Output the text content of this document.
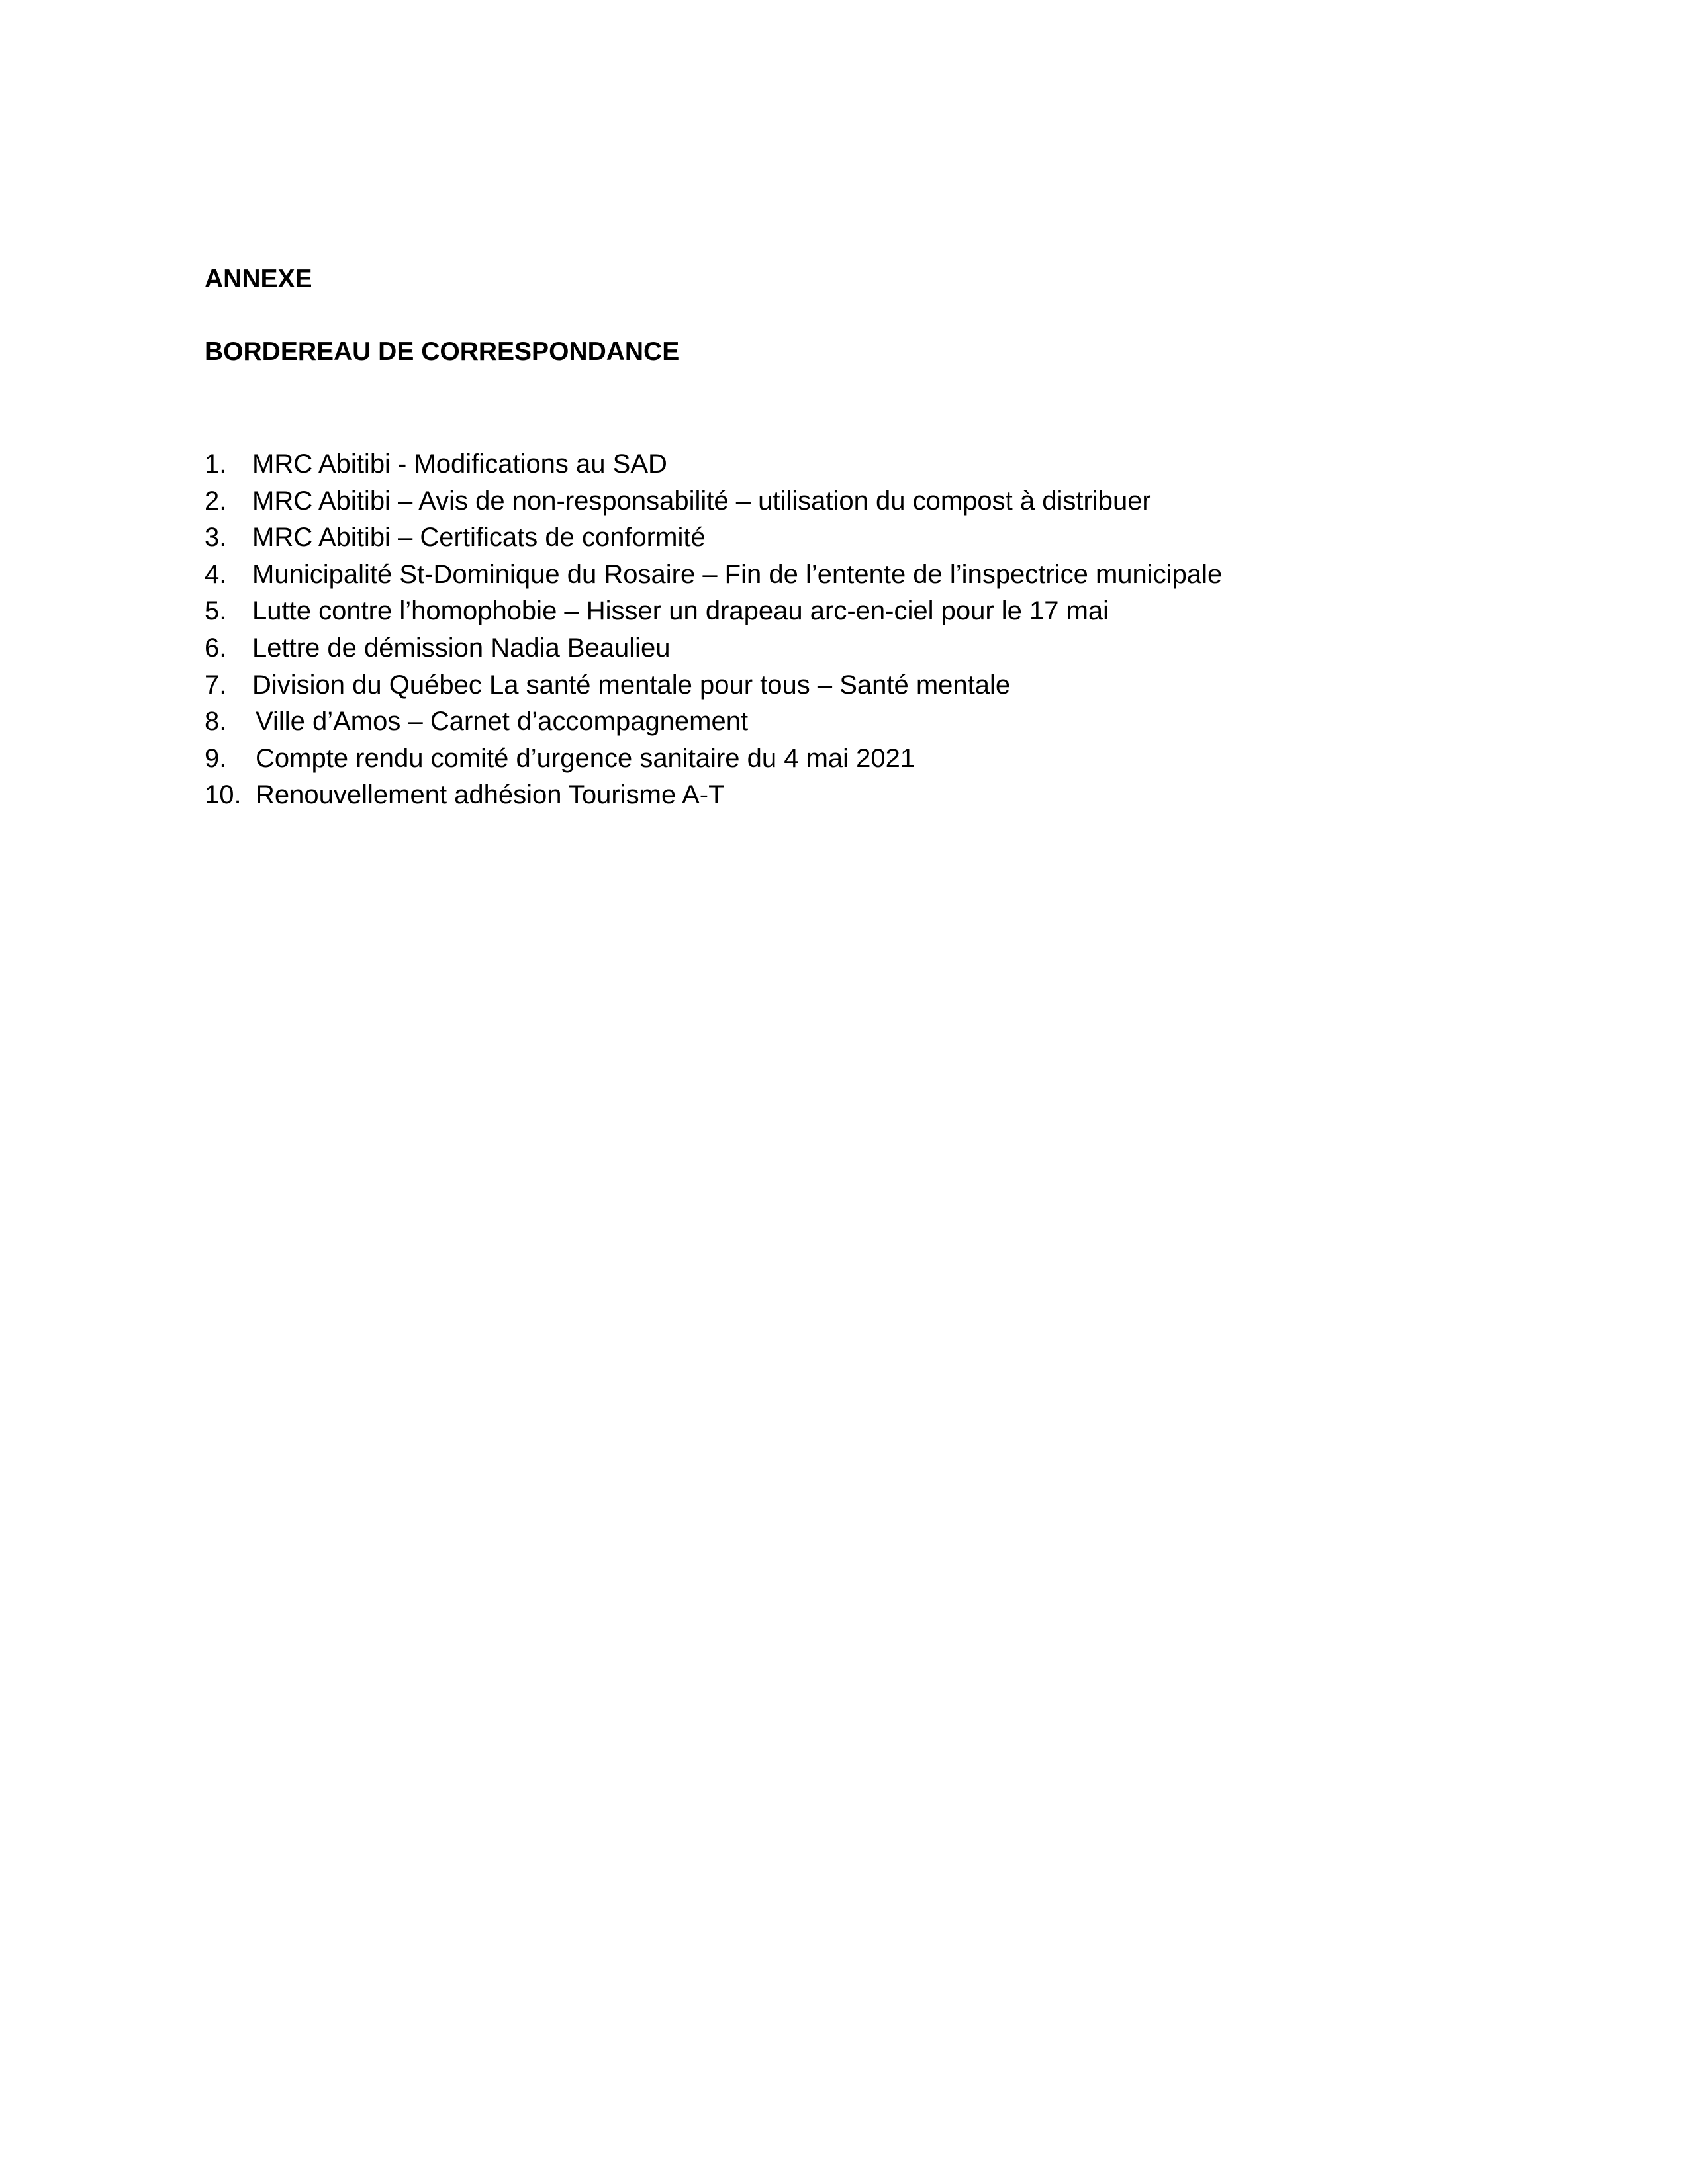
ANNEXE
BORDEREAU DE CORRESPONDANCE
1. MRC Abitibi - Modifications au SAD
2. MRC Abitibi – Avis de non-responsabilité – utilisation du compost à distribuer
3. MRC Abitibi – Certificats de conformité
4. Municipalité St-Dominique du Rosaire – Fin de l’entente de l’inspectrice municipale
5. Lutte contre l’homophobie – Hisser un drapeau arc-en-ciel pour le 17 mai
6. Lettre de démission Nadia Beaulieu
7. Division du Québec La santé mentale pour tous – Santé mentale
8. Ville d’Amos – Carnet d’accompagnement
9. Compte rendu comité d’urgence sanitaire du 4 mai 2021
10. Renouvellement adhésion Tourisme A-T
